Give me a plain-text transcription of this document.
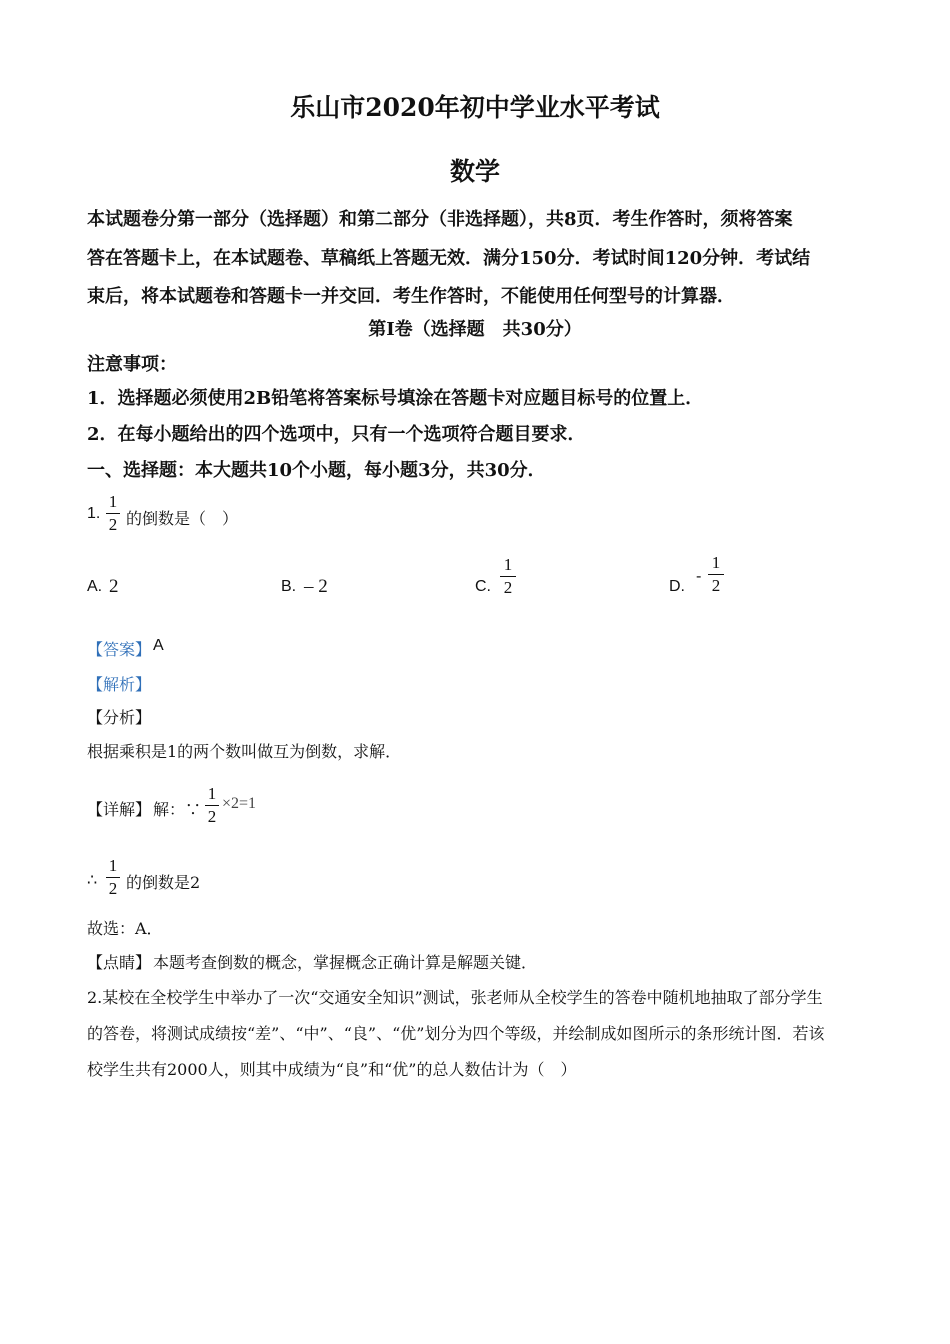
乐山市2020年初中学业水平考试
数学
本试题卷分第一部分（选择题）和第二部分（非选择题），共8页．考生作答时，须将答案
答在答题卡上，在本试题卷、草稿纸上答题无效．满分150分．考试时间120分钟．考试结
束后，将本试题卷和答题卡一并交回．考生作答时，不能使用任何型号的计算器．
第Ⅰ卷（选择题　共30分）
注意事项：
1．选择题必须使用2B铅笔将答案标号填涂在答题卡对应题目标号的位置上．
2．在每小题给出的四个选项中，只有一个选项符合题目要求．
一、选择题：本大题共10个小题，每小题3分，共30分．
1.
1
2 的倒数是（　）
A. 2	B. – 2	C.
1
2	D.
-
1
2
【答案】 A
【解析】
【分析】
根据乘积是1的两个数叫做互为倒数，求解．
【详解】 解：∵
1
2
×2=1
∴
1
2 的倒数是2
故选：A．
【点睛】 本题考查倒数的概念，掌握概念正确计算是解题关键．
2.某校在全校学生中举办了一次“交通安全知识”测试，张老师从全校学生的答卷中随机地抽取了部分学生
的答卷，将测试成绩按“差”、“中”、“良”、“优”划分为四个等级，并绘制成如图所示的条形统计图．若该
校学生共有2000人，则其中成绩为“良”和“优”的总人数估计为（　）
